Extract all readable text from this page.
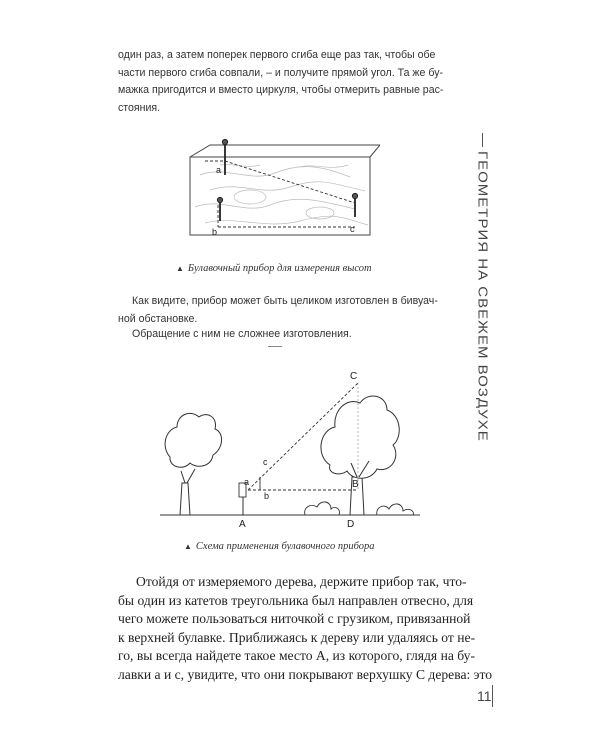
один раз, а затем поперек первого сгиба еще раз так, чтобы обе
части первого сгиба совпали, – и получите прямой угол. Та же бу-
мажка пригодится и вместо циркуля, чтобы отмерить равные рас-
стояния.
a
b	c
▲ Булавочный прибор для измерения высот
Как видите, прибор может быть целиком изготовлен в бивуач-
ной обстановке.
Обращение с ним не сложнее изготовления.
a
b
c
A
B
C
D
▲ Схема применения булавочного прибора
Отойдя от измеряемого дерева, держите прибор так, что-
бы один из катетов треугольника был направлен отвесно, для
чего можете пользоваться ниточкой с грузиком, привязанной
к верхней булавке. Приближаясь к дереву или удаляясь от не-
го, вы всегда найдете такое место A, из которого, глядя на бу-
лавки a и c, увидите, что они покрывают верхушку C дерева: это
ГЕОМЕТРИЯ НА СВЕЖЕМ ВОЗДУХЕ
11
